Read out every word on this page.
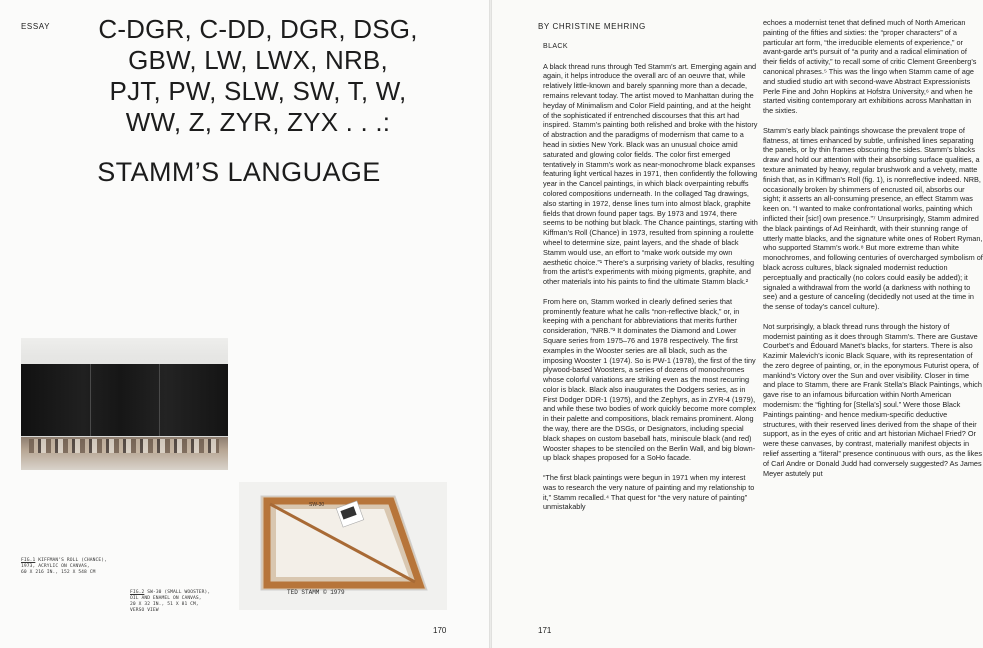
ESSAY	C-DGR, C-DD, DGR, DSG,
GBW, LW, LWX, NRB,
PJT, PW, SLW, SW, T, W,
WW, Z, ZYR, ZYX . . .:
STAMM’S LANGUAGE
FIG.1 KIFFMAN’S ROLL (CHANCE),
1973, ACRYLIC ON CANVAS,
60 X 216 IN., 152 X 548 CM
FIG.2 SW-30 (SMALL WOOSTER),
OIL AND ENAMEL ON CANVAS,
20 X 32 IN., 51 X 81 CM,
VERSO VIEW
SW-30
TED STAMM © 1979
170
BY CHRISTINE MEHRING
171
BLACK

A black thread runs through Ted Stamm’s art. Emerging again and again, it helps introduce the overall arc of an oeuvre that, while relatively little-known and barely spanning more than a decade, remains relevant today. The artist moved to Manhattan during the heyday of Minimalism and Color Field painting, and at the height of the sophisticated if entrenched discourses that this art had inspired. Stamm’s painting both relished and broke with the history of abstraction and the paradigms of modernism that came to a head in sixties New York. Black was an unusual choice amid saturated and glowing color fields. The color first emerged tentatively in Stamm’s work as near-monochrome black expanses featuring light vertical hazes in 1971, then confidently the following year in the Cancel paintings, in which black overpainting rebuffs colored compositions underneath. In the collaged Tag drawings, also starting in 1972, dense lines turn into almost black, graphite fields that drown found paper tags. By 1973 and 1974, there seems to be nothing but black. The Chance paintings, starting with Kiffman’s Roll (Chance) in 1973, resulted from spinning a roulette wheel to determine size, paint layers, and the shade of black Stamm would use, an effort to “make work outside my own aesthetic choice.”¹ There’s a surprising variety of blacks, resulting from the artist’s experiments with mixing pigments, graphite, and other materials into his paints to find the ultimate Stamm black.²

From here on, Stamm worked in clearly defined series that prominently feature what he calls “non-reflective black,” or, in keeping with a penchant for abbreviations that merits further consideration, “NRB.”³ It dominates the Diamond and Lower Square series from 1975–76 and 1978 respectively. The first examples in the Wooster series are all black, such as the imposing Wooster 1 (1974). So is PW-1 (1978), the first of the tiny plywood-based Woosters, a series of dozens of monochromes whose colorful variations are striking even as the most recurring color is black. Black also inaugurates the Dodgers series, as in First Dodger DDR-1 (1975), and the Zephyrs, as in ZYR-4 (1979), and while these two bodies of work quickly become more complex in their palette and compositions, black remains prominent. Along the way, there are the DSGs, or Designators, including special black shapes on custom baseball hats, miniscule black (and red) Wooster shapes to be stenciled on the Berlin Wall, and big blown-up black shapes proposed for a SoHo facade.

“The first black paintings were begun in 1971 when my interest was to research the very nature of painting and my relationship to it,” Stamm recalled.⁴ That quest for “the very nature of painting” unmistakably

echoes a modernist tenet that defined much of North American painting of the fifties and sixties: the “proper characters” of a particular art form, “the irreducible elements of experience,” or avant-garde art’s pursuit of “a purity and a radical elimination of their fields of activity,” to recall some of critic Clement Greenberg’s canonical phrases.⁵ This was the lingo when Stamm came of age and studied studio art with second-wave Abstract Expressionists Perle Fine and John Hopkins at Hofstra University,⁶ and when he started visiting contemporary art exhibitions across Manhattan in the sixties.

Stamm’s early black paintings showcase the prevalent trope of flatness, at times enhanced by subtle, unfinished lines separating the panels, or by thin frames obscuring the sides. Stamm’s blacks draw and hold our attention with their absorbing surface qualities, a texture animated by heavy, regular brushwork and a velvety, matte finish that, as in Kiffman’s Roll (fig. 1), is nonreflective indeed. NRB, occasionally broken by shimmers of encrusted oil, absorbs our sight; it asserts an all-consuming presence, an effect Stamm was keen on. “I wanted to make confrontational works, painting which inflicted their [sic!] own presence.”⁷ Unsurprisingly, Stamm admired the black paintings of Ad Reinhardt, with their stunning range of utterly matte blacks, and the signature white ones of Robert Ryman, who supported Stamm’s work.⁸ But more extreme than white monochromes, and following centuries of overcharged symbolism of black across cultures, black signaled modernist reduction perceptually and practically (no colors could easily be added); it signaled a withdrawal from the world (a darkness with nothing to see) and a gesture of canceling (decidedly not used at the time in the sense of today’s cancel culture).

Not surprisingly, a black thread runs through the history of modernist painting as it does through Stamm’s. There are Gustave Courbet’s and Édouard Manet’s blacks, for starters. There is also Kazimir Malevich’s iconic Black Square, with its representation of the zero degree of painting, or, in the eponymous Futurist opera, of mankind’s Victory over the Sun and over visibility. Closer in time and place to Stamm, there are Frank Stella’s Black Paintings, which gave rise to an infamous bifurcation within North American modernism: the “fighting for [Stella’s] soul.” Were those Black Paintings painting- and hence medium-specific deductive structures, with their reserved lines derived from the shape of their support, as in the eyes of critic and art historian Michael Fried? Or were these canvases, by contrast, materially manifest objects in relief asserting a “literal” presence continuous with ours, as the likes of Carl Andre or Donald Judd had conversely suggested? As James Meyer astutely put
